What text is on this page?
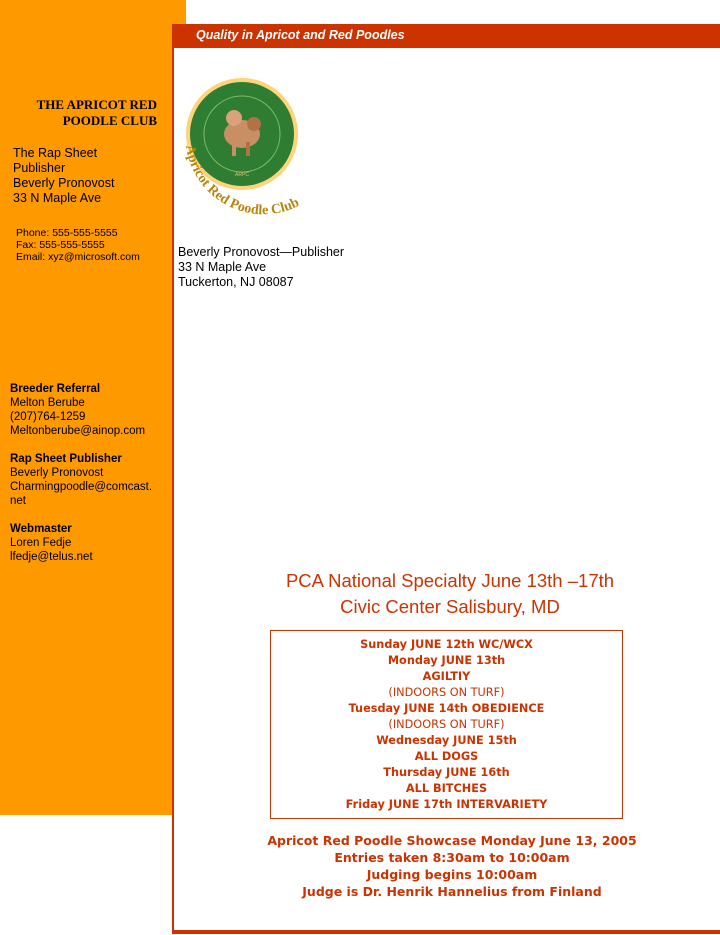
THE APRICOT RED
POODLE CLUB
The Rap Sheet
Publisher
Beverly Pronovost
33 N Maple Ave
Phone: 555-555-5555
Fax: 555-555-5555
Email: xyz@microsoft.com
Breeder Referral
Melton Berube
(207)764-1259
Meltonberube@ainop.com
Rap Sheet Publisher
Beverly Pronovost
Charmingpoodle@comcast.
net
Webmaster
Loren Fedje
lfedje@telus.net
Quality in Apricot and Red Poodles
Apricot Red Poodle Club
ARPC
Beverly Pronovost—Publisher
33 N Maple Ave
Tuckerton, NJ 08087
PCA National Specialty June 13th –17th
Civic Center Salisbury, MD
Sunday JUNE 12th WC/WCX
Monday JUNE 13th
AGILTIY
(INDOORS ON TURF)
Tuesday JUNE 14th OBEDIENCE
(INDOORS ON TURF)
Wednesday JUNE 15th
ALL DOGS
Thursday JUNE 16th
ALL BITCHES
Friday JUNE 17th INTERVARIETY
Apricot Red Poodle Showcase Monday June 13, 2005
Entries taken 8:30am to 10:00am
Judging begins 10:00am
Judge is Dr. Henrik Hannelius from Finland
